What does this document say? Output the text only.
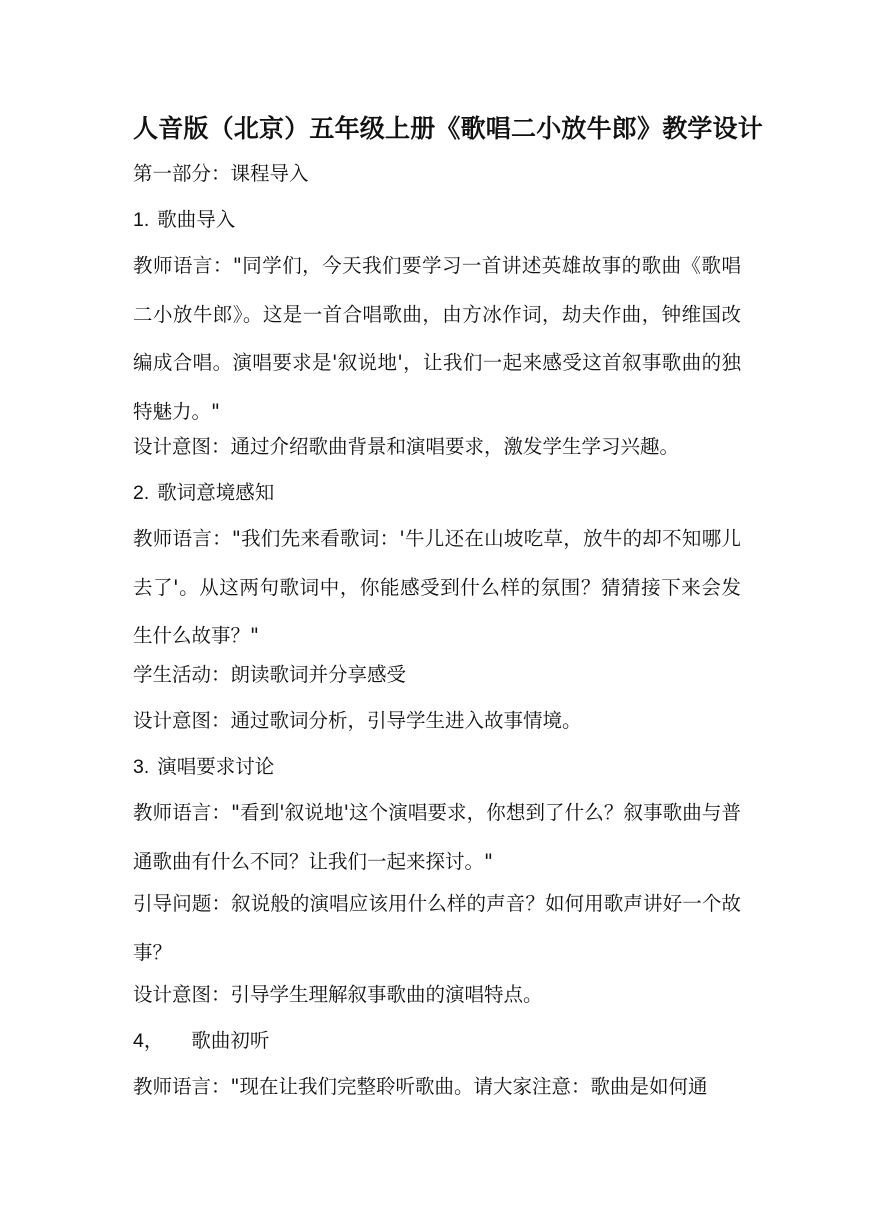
人音版（北京）五年级上册《歌唱二小放牛郎》教学设计
第一部分：课程导入
1. 歌曲导入
教师语言："同学们，今天我们要学习一首讲述英雄故事的歌曲《歌唱二小放牛郎》。这是一首合唱歌曲，由方冰作词，劫夫作曲，钟维国改编成合唱。演唱要求是'叙说地'，让我们一起来感受这首叙事歌曲的独特魅力。"
设计意图：通过介绍歌曲背景和演唱要求，激发学生学习兴趣。
2. 歌词意境感知
教师语言："我们先来看歌词：'牛儿还在山坡吃草，放牛的却不知哪儿去了'。从这两句歌词中，你能感受到什么样的氛围？猜猜接下来会发生什么故事？"
学生活动：朗读歌词并分享感受
设计意图：通过歌词分析，引导学生进入故事情境。
3. 演唱要求讨论
教师语言："看到'叙说地'这个演唱要求，你想到了什么？叙事歌曲与普通歌曲有什么不同？让我们一起来探讨。"
引导问题：叙说般的演唱应该用什么样的声音？如何用歌声讲好一个故事？
设计意图：引导学生理解叙事歌曲的演唱特点。
4， 歌曲初听
教师语言："现在让我们完整聆听歌曲。请大家注意：歌曲是如何通
